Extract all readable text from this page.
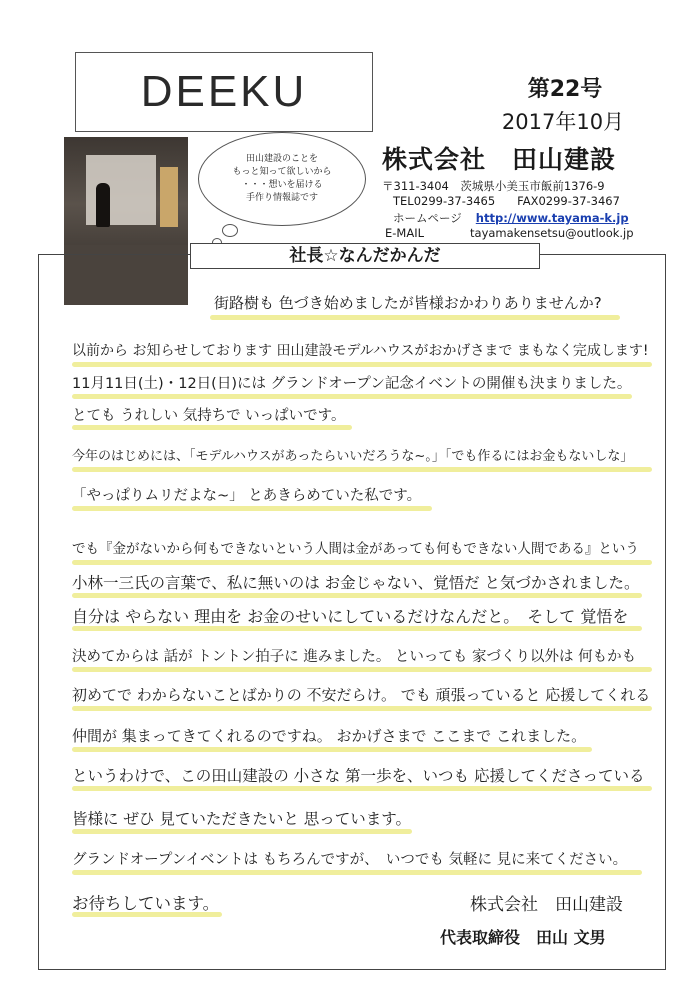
DEEKU	第22号
2017年10月
株式会社　田山建設
〒311-3404　茨城県小美玉市飯前1376-9
TEL0299-37-3465 FAX0299-37-3467
ホームページ http://www.tayama-k.jp
E-MAIL	tayamakensetsu@outlook.jp
田山建設のことを
もっと知って欲しいから
・・・想いを届ける
手作り情報誌です
社長☆なんだかんだ
街路樹も 色づき始めましたが皆様おかわりありませんか?
以前から お知らせしております 田山建設モデルハウスがおかげさまで まもなく完成します!
11月11日(土)・12日(日)には グランドオープン記念イベントの開催も決まりました。
とても うれしい 気持ちで いっぱいです。
今年のはじめには、「モデルハウスがあったらいいだろうな~。」「でも作るにはお金もないしな」
「やっぱりムリだよな~」 とあきらめていた私です。
でも『金がないから何もできないという人間は金があっても何もできない人間である』という
小林一三氏の言葉で、私に無いのは お金じゃない、覚悟だ と気づかされました。
自分は やらない 理由を お金のせいにしているだけなんだと。　そして 覚悟を
決めてからは 話が トントン拍子に 進みました。 といっても 家づくり以外は 何もかも
初めてで わからないことばかりの 不安だらけ。 でも 頑張っていると 応援してくれる
仲間が 集まってきてくれるのですね。 おかげさまで ここまで これました。
というわけで、この田山建設の 小さな 第一歩を、いつも 応援してくださっている
皆様に ぜひ 見ていただきたいと 思っています。
グランドオープンイベントは もちろんですが、　いつでも 気軽に 見に来てください。
お待ちしています。	株式会社　田山建設
代表取締役　田山 文男
